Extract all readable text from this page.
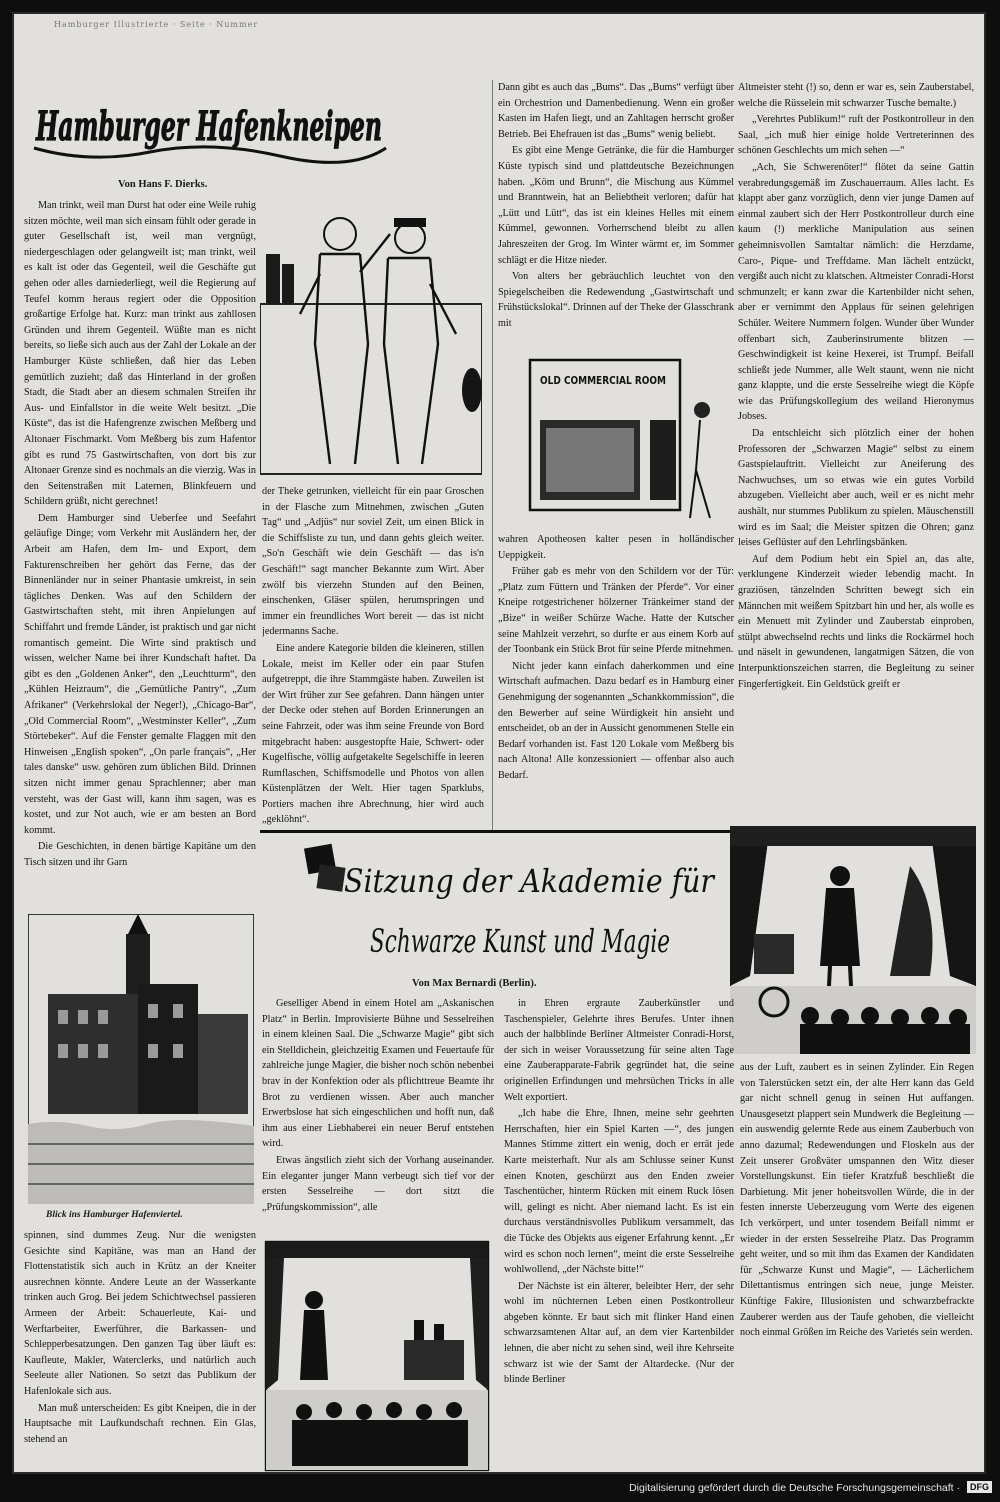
Hamburger Illustrierte · Seite · Nummer
Hamburger Hafenkneipen
Von Hans F. Dierks.

Man trinkt, weil man Durst hat oder eine Weile ruhig sitzen möchte, weil man sich einsam fühlt oder gerade in guter Gesellschaft ist, weil man vergnügt, niedergeschlagen oder gelangweilt ist; man trinkt, weil es kalt ist oder das Gegenteil, weil die Geschäfte gut gehen oder alles darniederliegt, weil die Regierung auf Teufel komm heraus regiert oder die Opposition großartige Erfolge hat. Kurz: man trinkt aus zahllosen Gründen und ihrem Gegenteil. Wüßte man es nicht bereits, so ließe sich auch aus der Zahl der Lokale an der Hamburger Küste schließen, daß hier das Leben gemütlich zuzieht; daß das Hinterland in der großen Stadt, die Stadt aber an diesem schmalen Streifen ihr Aus- und Einfallstor in die weite Welt besitzt. „Die Küste“, das ist die Hafengrenze zwischen Meßberg und Altonaer Fischmarkt. Vom Meßberg bis zum Hafentor gibt es rund 75 Gastwirtschaften, von dort bis zur Altonaer Grenze sind es nochmals an die vierzig. Was in den Seitenstraßen mit Laternen, Blinkfeuern und Schildern grüßt, nicht gerechnet!

Dem Hamburger sind Ueberfee und Seefahrt geläufige Dinge; vom Verkehr mit Ausländern her, der Arbeit am Hafen, dem Im- und Export, dem Fakturenschreiben her gehört das Ferne, das der Binnenländer nur in seiner Phantasie umkreist, in sein tägliches Denken. Was auf den Schildern der Gastwirtschaften steht, mit ihren Anpielungen auf Schiffahrt und fremde Länder, ist praktisch und gar nicht romantisch gemeint. Die Wirte sind praktisch und wissen, welcher Name bei ihrer Kundschaft haftet. Da gibt es den „Goldenen Anker“, den „Leuchtturm“, den „Kühlen Heizraum“, die „Gemütliche Pantry“, „Zum Afrikaner“ (Verkehrslokal der Neger!), „Chicago-Bar“, „Old Commercial Room“, „Westminster Keller“, „Zum Störtebeker“. Auf die Fenster gemalte Flaggen mit den Hinweisen „English spoken“, „On parle français“, „Her tales danske“ usw. gehören zum üblichen Bild. Drinnen sitzen nicht immer genau Sprachlenner; aber man versteht, was der Gast will, kann ihm sagen, was es kostet, und zur Not auch, wie er am besten an Bord kommt.

Die Geschichten, in denen bärtige Kapitäne um den Tisch sitzen und ihr Garn

der Theke getrunken, vielleicht für ein paar Groschen in der Flasche zum Mitnehmen, zwischen „Guten Tag“ und „Adjüs“ nur soviel Zeit, um einen Blick in die Schiffsliste zu tun, und dann gehts gleich weiter. „So'n Geschäft wie dein Geschäft — das is'n Geschäft!“ sagt mancher Bekannte zum Wirt. Aber zwölf bis vierzehn Stunden auf den Beinen, einschenken, Gläser spülen, herumspringen und immer ein freundliches Wort bereit — das ist nicht jedermanns Sache.

Eine andere Kategorie bilden die kleineren, stillen Lokale, meist im Keller oder ein paar Stufen aufgetreppt, die ihre Stammgäste haben. Zuweilen ist der Wirt früher zur See gefahren. Dann hängen unter der Decke oder stehen auf Borden Erinnerungen an seine Fahrzeit, oder was ihm seine Freunde von Bord mitgebracht haben: ausgestopfte Haie, Schwert- oder Kugelfische, völlig aufgetakelte Segelschiffe in leeren Rumflaschen, Schiffsmodelle und Photos von allen Küstenplätzen der Welt. Hier tagen Sparklubs, Portiers machen ihre Abrechnung, hier wird auch „geklöhnt“.

Dann gibt es auch das „Bums“. Das „Bums“ verfügt über ein Orchestrion und Damenbedienung. Wenn ein großer Kasten im Hafen liegt, und an Zahltagen herrscht großer Betrieb. Bei Ehefrauen ist das „Bums“ wenig beliebt.

Es gibt eine Menge Getränke, die für die Hamburger Küste typisch sind und plattdeutsche Bezeichnungen haben. „Köm und Brunn“, die Mischung aus Kümmel und Branntwein, hat an Beliebtheit verloren; dafür hat „Lütt und Lütt“, das ist ein kleines Helles mit einem Kümmel, gewonnen. Vorherrschend bleibt zu allen Jahreszeiten der Grog. Im Winter wärmt er, im Sommer schlägt er die Hitze nieder.

Von alters her gebräuchlich leuchtet von den Spiegelscheiben die Redewendung „Gastwirtschaft und Frühstückslokal“. Drinnen auf der Theke der Glasschrank mit

OLD COMMERCIAL ROOM

wahren Apotheosen kalter pesen in holländischer Ueppigkeit.

Früher gab es mehr von den Schildern vor der Tür: „Platz zum Füttern und Tränken der Pferde“. Vor einer Kneipe rotgestrichener hölzerner Tränkeimer stand der „Bize“ in weißer Schürze Wache. Hatte der Kutscher seine Mahlzeit verzehrt, so durfte er aus einem Korb auf der Toonbank ein Stück Brot für seine Pferde mitnehmen.

Nicht jeder kann einfach daherkommen und eine Wirtschaft aufmachen. Dazu bedarf es in Hamburg einer Genehmigung der sogenannten „Schankkommission“, die den Bewerber auf seine Würdigkeit hin ansieht und entscheidet, ob an der in Aussicht genommenen Stelle ein Bedarf vorhanden ist. Fast 120 Lokale vom Meßberg bis nach Altona! Alle konzessioniert — offenbar also auch Bedarf.

Altmeister steht (!) so, denn er war es, sein Zauberstabel, welche die Rüsselein mit schwarzer Tusche bemalte.)

„Verehrtes Publikum!“ ruft der Postkontrolleur in den Saal, „ich muß hier einige holde Vertreterinnen des schönen Geschlechts um mich sehen —“

„Ach, Sie Schwerenöter!“ flötet da seine Gattin verabredungsgemäß im Zuschauerraum. Alles lacht. Es klappt aber ganz vorzüglich, denn vier junge Damen auf einmal zaubert sich der Herr Postkontrolleur durch eine kaum (!) merkliche Manipulation aus seinen geheimnisvollen Samtaltar nämlich: die Herzdame, Caro-, Pique- und Treffdame. Man lächelt entzückt, vergißt auch nicht zu klatschen. Altmeister Conradi-Horst schmunzelt; er kann zwar die Kartenbilder nicht sehen, aber er vernimmt den Applaus für seinen gelehrigen Schüler. Weitere Nummern folgen. Wunder über Wunder offenbart sich, Zauberinstrumente blitzen — Geschwindigkeit ist keine Hexerei, ist Trumpf. Beifall schließt jede Nummer, alle Welt staunt, wenn nie nicht ganz klappte, und die erste Sesselreihe wiegt die Köpfe wie das Prüfungskollegium des weiland Hieronymus Jobses.

Da entschleicht sich plötzlich einer der hohen Professoren der „Schwarzen Magie“ selbst zu einem Gastspielauftritt. Vielleicht zur Aneiferung des Nachwuchses, um so etwas wie ein gutes Vorbild abzugeben. Vielleicht aber auch, weil er es nicht mehr aushält, nur stummes Publikum zu spielen. Mäuschenstill wird es im Saal; die Meister spitzen die Ohren; ganz leises Geflüster auf den Lehrlingsbänken.

Auf dem Podium hebt ein Spiel an, das alte, verklungene Kinderzeit wieder lebendig macht. In graziösen, tänzelnden Schritten bewegt sich ein Männchen mit weißem Spitzbart hin und her, als wolle es ein Menuett mit Zylinder und Zauberstab einproben, stülpt abwechselnd rechts und links die Rockärmel hoch und näselt in gewundenen, langatmigen Sätzen, die von Interpunktionszeichen starren, die Begleitung zu seiner Fingerfertigkeit. Ein Geldstück greift er

Sitzung der Akademie für
Schwarze Kunst und Magie
Von Max Bernardi (Berlin).
Blick ins Hamburger Hafenviertel.

spinnen, sind dummes Zeug. Nur die wenigsten Gesichte sind Kapitäne, was man an Hand der Flottenstatistik sich auch in Krütz an der Kneiter ausrechnen könnte. Andere Leute an der Wasserkante trinken auch Grog. Bei jedem Schichtwechsel passieren Armeen der Arbeit: Schauerleute, Kai- und Werftarbeiter, Ewerführer, die Barkassen- und Schlepperbesatzungen. Den ganzen Tag über läuft es: Kaufleute, Makler, Waterclerks, und natürlich auch Seeleute aller Nationen. So setzt das Publikum der Hafenlokale sich aus.

Man muß unterscheiden: Es gibt Kneipen, die in der Hauptsache mit Laufkundschaft rechnen. Ein Glas, stehend an

Geselliger Abend in einem Hotel am „Askanischen Platz“ in Berlin. Improvisierte Bühne und Sesselreihen in einem kleinen Saal. Die „Schwarze Magie“ gibt sich ein Stelldichein, gleichzeitig Examen und Feuertaufe für zahlreiche junge Magier, die bisher noch schön nebenbei brav in der Konfektion oder als pflichttreue Beamte ihr Brot zu verdienen wissen. Aber auch mancher Erwerbslose hat sich eingeschlichen und hofft nun, daß ihm aus einer Liebhaberei ein neuer Beruf entstehen wird.

Etwas ängstlich zieht sich der Vorhang auseinander. Ein eleganter junger Mann verbeugt sich tief vor der ersten Sesselreihe — dort sitzt die „Prüfungskommission“, alle

in Ehren ergraute Zauberkünstler und Taschenspieler, Gelehrte ihres Berufes. Unter ihnen auch der halbblinde Berliner Altmeister Conradi-Horst, der sich in weiser Voraussetzung für seine alten Tage eine Zauberapparate-Fabrik gegründet hat, die seine originellen Erfindungen und mehrsüchen Tricks in alle Welt exportiert.

„Ich habe die Ehre, Ihnen, meine sehr geehrten Herrschaften, hier ein Spiel Karten —“, des jungen Mannes Stimme zittert ein wenig, doch er errät jede Karte meisterhaft. Nur als am Schlusse seiner Kunst einen Knoten, geschürzt aus den Enden zweier Taschentücher, hinterm Rücken mit einem Ruck lösen will, gelingt es nicht. Aber niemand lacht. Es ist ein durchaus verständnisvolles Publikum versammelt, das die Tücke des Objekts aus eigener Erfahrung kennt. „Er wird es schon noch lernen“, meint die erste Sesselreihe wohlwollend, „der Nächste bitte!“

Der Nächste ist ein älterer, beleibter Herr, der sehr wohl im nüchternen Leben einen Postkontrolleur abgeben könnte. Er baut sich mit flinker Hand einen schwarzsamtenen Altar auf, an dem vier Kartenbilder lehnen, die aber nicht zu sehen sind, weil ihre Kehrseite schwarz ist wie der Samt der Altardecke. (Nur der blinde Berliner

aus der Luft, zaubert es in seinen Zylinder. Ein Regen von Talerstücken setzt ein, der alte Herr kann das Geld gar nicht schnell genug in seinen Hut auffangen. Unausgesetzt plappert sein Mundwerk die Begleitung — ein auswendig gelernte Rede aus einem Zauberbuch von anno dazumal; Redewendungen und Floskeln aus der Zeit unserer Großväter umspannen den Witz dieser Vorstellungskunst. Ein tiefer Kratzfuß beschließt die Darbietung. Mit jener hoheitsvollen Würde, die in der festen innerste Ueberzeugung vom Werte des eigenen Ich verkörpert, und unter tosendem Beifall nimmt er wieder in der ersten Sesselreihe Platz. Das Programm geht weiter, und so mit ihm das Examen der Kandidaten für „Schwarze Kunst und Magie“, — Lächerlichem Dilettantismus entringen sich neue, junge Meister. Künftige Fakire, Illusionisten und schwarzbefrackte Zauberer werden aus der Taufe gehoben, die vielleicht noch einmal Größen im Reiche des Varietés sein werden.

Digitalisierung gefördert durch die Deutsche Forschungsgemeinschaft ·	DFG
